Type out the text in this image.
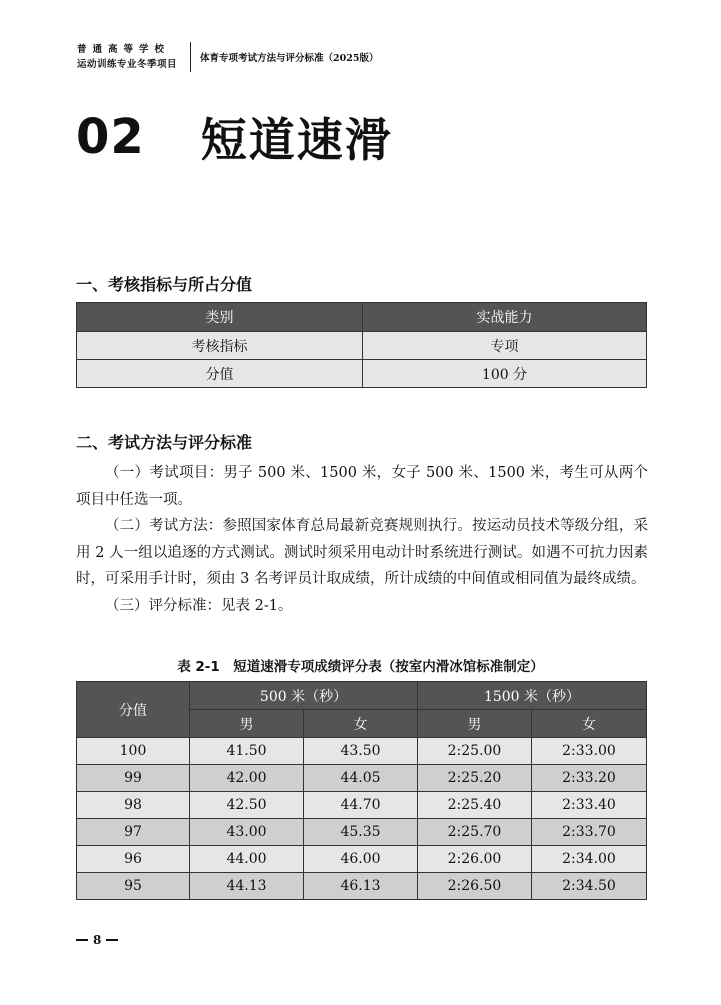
普通高等学校
运动训练专业冬季项目
体育专项考试方法与评分标准（2025版）
02 短道速滑
一、考核指标与所占分值
类别	实战能力
考核指标	专项
分值	100 分
二、考试方法与评分标准

（一）考试项目：男子 500 米、1500 米，女子 500 米、1500 米，考生可从两个项目中任选一项。

（二）考试方法：参照国家体育总局最新竞赛规则执行。按运动员技术等级分组，采用 2 人一组以追逐的方式测试。测试时须采用电动计时系统进行测试。如遇不可抗力因素时，可采用手计时，须由 3 名考评员计取成绩，所计成绩的中间值或相同值为最终成绩。

（三）评分标准：见表 2-1。

表 2-1　短道速滑专项成绩评分表（按室内滑冰馆标准制定）
分值	500 米（秒）		1500 米（秒）	
	男	女	男	女
100	41.50	43.50	2:25.00	2:33.00
99	42.00	44.05	2:25.20	2:33.20
98	42.50	44.70	2:25.40	2:33.40
97	43.00	45.35	2:25.70	2:33.70
96	44.00	46.00	2:26.00	2:34.00
95	44.13	46.13	2:26.50	2:34.50
8
